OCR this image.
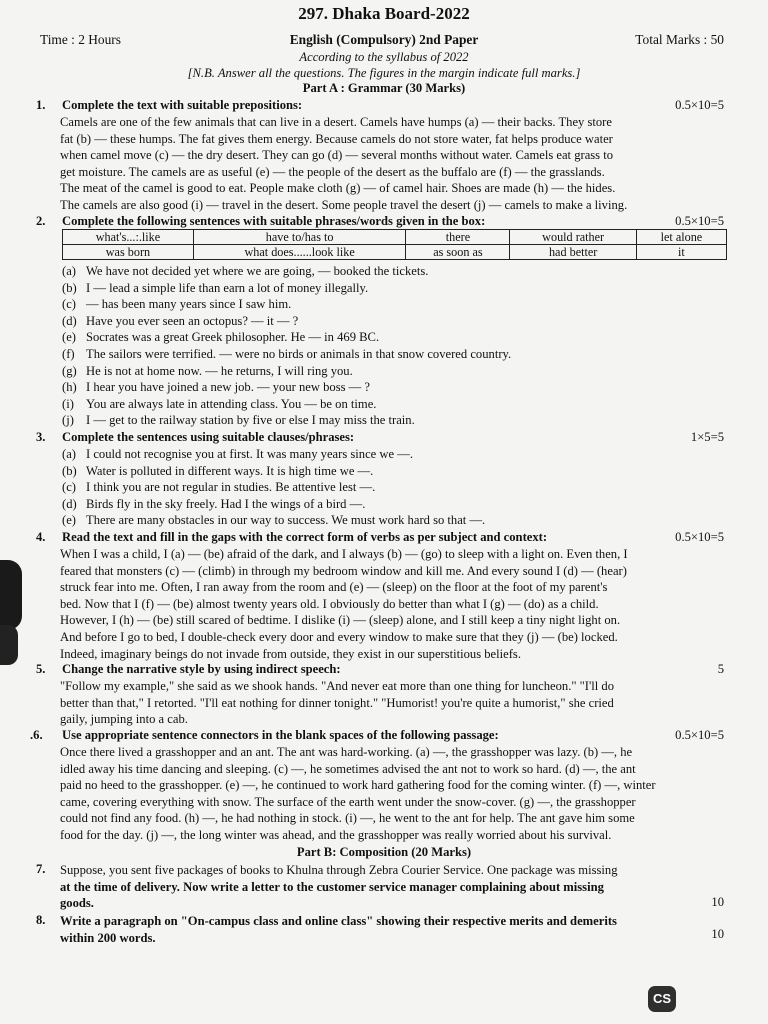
297. Dhaka Board-2022
Time : 2 Hours	English (Compulsory) 2nd Paper	Total Marks : 50
According to the syllabus of 2022
[N.B. Answer all the questions. The figures in the margin indicate full marks.]
Part A : Grammar (30 Marks)
1. Complete the text with suitable prepositions:	0.5×10=5

Camels are one of the few animals that can live in a desert. Camels have humps (a) — their backs. They store

fat (b) — these humps. The fat gives them energy. Because camels do not store water, fat helps produce water

when camel move (c) — the dry desert. They can go (d) — several months without water. Camels eat grass to

get moisture. The camels are as useful (e) — the people of the desert as the buffalo are (f) — the grasslands.

The meat of the camel is good to eat. People make cloth (g) — of camel hair. Shoes are made (h) — the hides.

The camels are also good (i) — travel in the desert. Some people travel the desert (j) — camels to make a living.

2. Complete the following sentences with suitable phrases/words given in the box:	0.5×10=5
what's...:.like	have to/has to	there	would rather	let alone
was born	what does......look like	as soon as	had better	it
(a) We have not decided yet where we are going, — booked the tickets.
(b) I — lead a simple life than earn a lot of money illegally.
(c) — has been many years since I saw him.
(d) Have you ever seen an octopus? — it — ?
(e) Socrates was a great Greek philosopher. He — in 469 BC.
(f) The sailors were terrified. — were no birds or animals in that snow covered country.
(g) He is not at home now. — he returns, I will ring you.
(h) I hear you have joined a new job. — your new boss — ?
(i) You are always late in attending class. You — be on time.
(j) I — get to the railway station by five or else I may miss the train.
3. Complete the sentences using suitable clauses/phrases:	1×5=5
(a) I could not recognise you at first. It was many years since we —.
(b) Water is polluted in different ways. It is high time we —.
(c) I think you are not regular in studies. Be attentive lest —.
(d) Birds fly in the sky freely. Had I the wings of a bird —.
(e) There are many obstacles in our way to success. We must work hard so that —.
4. Read the text and fill in the gaps with the correct form of verbs as per subject and context:	0.5×10=5

When I was a child, I (a) — (be) afraid of the dark, and I always (b) — (go) to sleep with a light on. Even then, I

feared that monsters (c) — (climb) in through my bedroom window and kill me. And every sound I (d) — (hear)

struck fear into me. Often, I ran away from the room and (e) — (sleep) on the floor at the foot of my parent's

bed. Now that I (f) — (be) almost twenty years old. I obviously do better than what I (g) — (do) as a child.

However, I (h) — (be) still scared of bedtime. I dislike (i) — (sleep) alone, and I still keep a tiny night light on.

And before I go to bed, I double-check every door and every window to make sure that they (j) — (be) locked.

Indeed, imaginary beings do not invade from outside, they exist in our superstitious beliefs.

5. Change the narrative style by using indirect speech:	5

"Follow my example," she said as we shook hands. "And never eat more than one thing for luncheon." "I'll do

better than that," I retorted. "I'll eat nothing for dinner tonight." "Humorist! you're quite a humorist," she cried

gaily, jumping into a cab.

.6. Use appropriate sentence connectors in the blank spaces of the following passage:	0.5×10=5

Once there lived a grasshopper and an ant. The ant was hard-working. (a) —, the grasshopper was lazy. (b) —, he

idled away his time dancing and sleeping. (c) —, he sometimes advised the ant not to work so hard. (d) —, the ant

paid no heed to the grasshopper. (e) —, he continued to work hard gathering food for the coming winter. (f) —, winter

came, covering everything with snow. The surface of the earth went under the snow-cover. (g) —, the grasshopper

could not find any food. (h) —, he had nothing in stock. (i) —, he went to the ant for help. The ant gave him some

food for the day. (j) —, the long winter was ahead, and the grasshopper was really worried about his survival.

Part B: Composition (20 Marks)
7. Suppose, you sent five packages of books to Khulna through Zebra Courier Service. One package was missing

at the time of delivery. Now write a letter to the customer service manager complaining about missing

goods.	10
8. Write a paragraph on "On-campus class and online class" showing their respective merits and demerits

within 200 words.	10
CS
